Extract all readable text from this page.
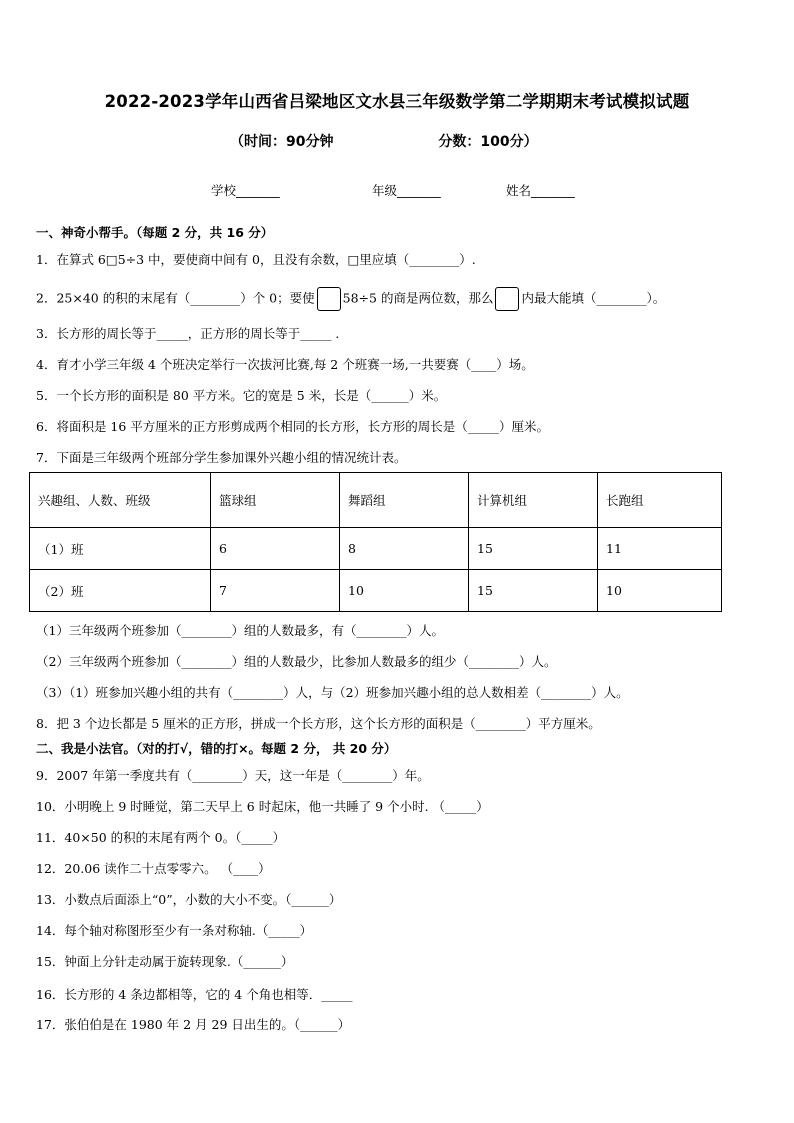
2022-2023学年山西省吕梁地区文水县三年级数学第二学期期末考试模拟试题
（时间：90分钟	分数：100分）
学校_______	年级_______	姓名_______
一、神奇小帮手。（每题 2 分，共 16 分）
1．在算式 6□5÷3 中，要使商中间有 0，且没有余数，□里应填（________）.
2．25×40 的积的末尾有（________）个 0；要使 58÷5 的商是两位数，那么 内最大能填（________）。
3．长方形的周长等于_____，正方形的周长等于_____ .
4．育才小学三年级 4 个班决定举行一次拔河比赛,每 2 个班赛一场,一共要赛（____）场。
5．一个长方形的面积是 80 平方米。它的宽是 5 米，长是（______）米。
6．将面积是 16 平方厘米的正方形剪成两个相同的长方形，长方形的周长是（_____）厘米。
7．下面是三年级两个班部分学生参加课外兴趣小组的情况统计表。
兴趣组、人数、班级	篮球组	舞蹈组	计算机组	长跑组
（1）班	6	8	15	11
（2）班	7	10	15	10
（1）三年级两个班参加（________）组的人数最多，有（________）人。
（2）三年级两个班参加（________）组的人数最少，比参加人数最多的组少（________）人。
（3）（1）班参加兴趣小组的共有（________）人，与（2）班参加兴趣小组的总人数相差（________）人。
8．把 3 个边长都是 5 厘米的正方形，拼成一个长方形，这个长方形的面积是（________）平方厘米。
二、我是小法官。（对的打√，错的打×。每题 2 分， 共 20 分）
9．2007 年第一季度共有（________）天，这一年是（________）年。
10．小明晚上 9 时睡觉，第二天早上 6 时起床，他一共睡了 9 个小时. （_____）
11．40×50 的积的末尾有两个 0。（_____）
12．20.06 读作二十点零零六。 （____）
13．小数点后面添上“0”，小数的大小不变。（______）
14．每个轴对称图形至少有一条对称轴.（_____）
15．钟面上分针走动属于旋转现象.（______）
16．长方形的 4 条边都相等，它的 4 个角也相等．_____
17．张伯伯是在 1980 年 2 月 29 日出生的。（______）
